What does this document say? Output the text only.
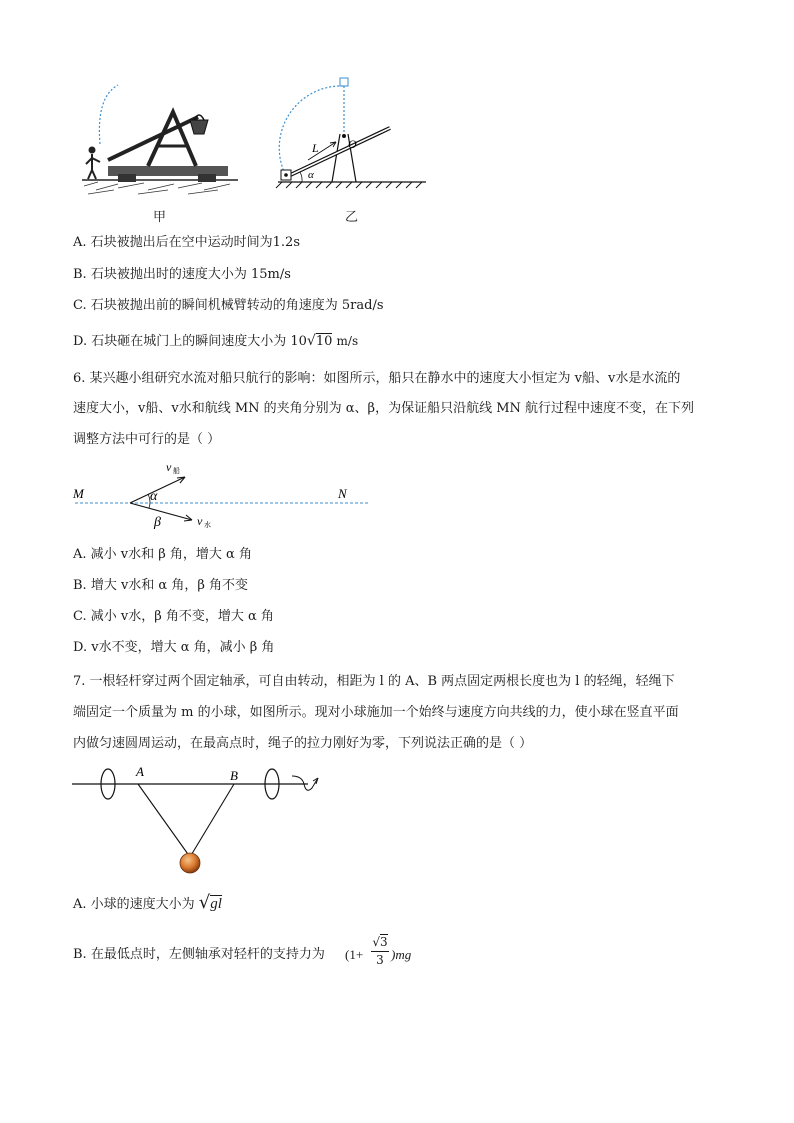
甲
L O
α
乙
A. 石块被抛出后在空中运动时间为1.2s
B. 石块被抛出时的速度大小为 15m/s
C. 石块被抛出前的瞬间机械臂转动的角速度为 5rad/s
D. 石块砸在城门上的瞬间速度大小为 10√10 m/s
6. 某兴趣小组研究水流对船只航行的影响：如图所示，船只在静水中的速度大小恒定为 v船、v水是水流的
速度大小，v船、v水和航线 MN 的夹角分别为 α、β，为保证船只沿航线 MN 航行过程中速度不变，在下列
调整方法中可行的是（ ）
M	N
α
β
v 船
v 水
A. 减小 v水和 β 角，增大 α 角
B. 增大 v水和 α 角，β 角不变
C. 减小 v水，β 角不变，增大 α 角
D. v水不变，增大 α 角，减小 β 角
7. 一根轻杆穿过两个固定轴承，可自由转动，相距为 l 的 A、B 两点固定两根长度也为 l 的轻绳，轻绳下
端固定一个质量为 m 的小球，如图所示。现对小球施加一个始终与速度方向共线的力，使小球在竖直平面
内做匀速圆周运动，在最高点时，绳子的拉力刚好为零，下列说法正确的是（ ）
A	B
A. 小球的速度大小为 √gl
B. 在最低点时，左侧轴承对轻杆的支持力为 (1+
√3
3 )mg
